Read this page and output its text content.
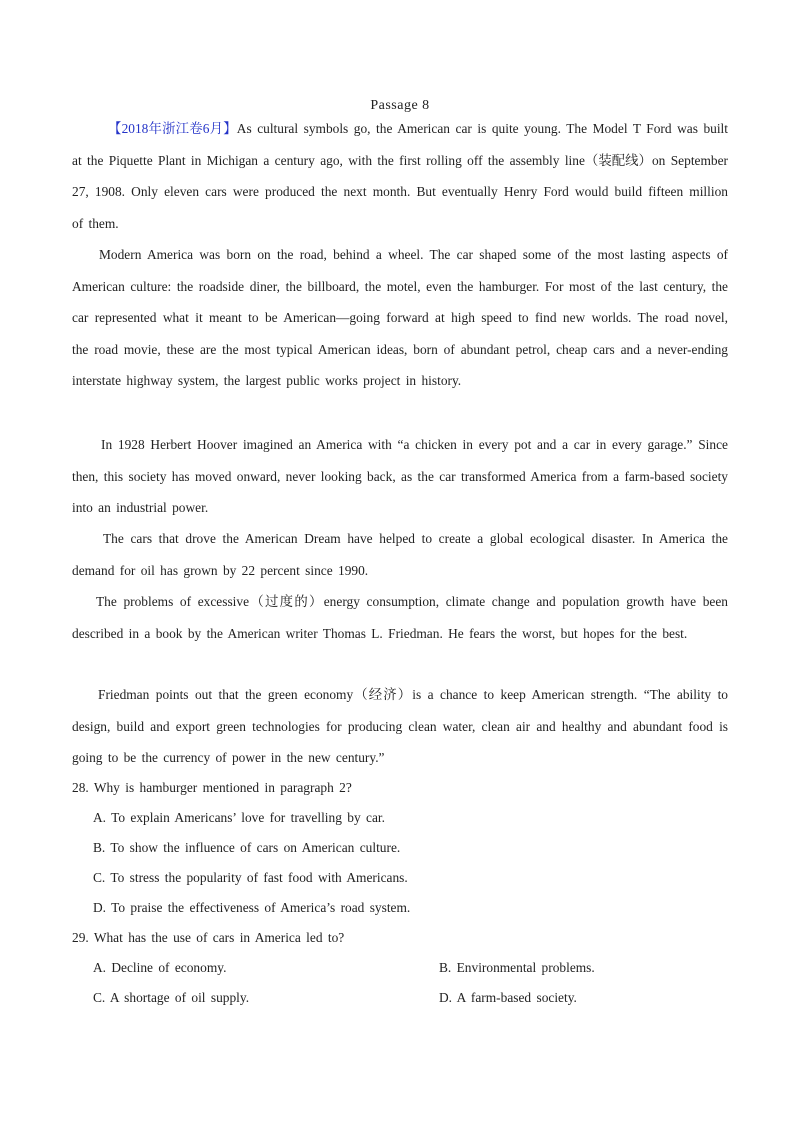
Passage 8
【2018年浙江卷6月】As cultural symbols go, the American car is quite young. The Model T Ford was built at the Piquette Plant in Michigan a century ago, with the first rolling off the assembly line（装配线）on September 27, 1908. Only eleven cars were produced the next month. But eventually Henry Ford would build fifteen million of them.
Modern America was born on the road, behind a wheel. The car shaped some of the most lasting aspects of American culture: the roadside diner, the billboard, the motel, even the hamburger. For most of the last century, the car represented what it meant to be American—going forward at high speed to find new worlds. The road novel, the road movie, these are the most typical American ideas, born of abundant petrol, cheap cars and a never-ending interstate highway system, the largest public works project in history.
In 1928 Herbert Hoover imagined an America with “a chicken in every pot and a car in every garage.” Since then, this society has moved onward, never looking back, as the car transformed America from a farm-based society into an industrial power.
The cars that drove the American Dream have helped to create a global ecological disaster. In America the demand for oil has grown by 22 percent since 1990.
The problems of excessive（过度的）energy consumption, climate change and population growth have been described in a book by the American writer Thomas L. Friedman. He fears the worst, but hopes for the best.
Friedman points out that the green economy（经济）is a chance to keep American strength. “The ability to design, build and export green technologies for producing clean water, clean air and healthy and abundant food is going to be the currency of power in the new century.”
28. Why is hamburger mentioned in paragraph 2?
A. To explain Americans’ love for travelling by car.
B. To show the influence of cars on American culture.
C. To stress the popularity of fast food with Americans.
D. To praise the effectiveness of America’s road system.
29. What has the use of cars in America led to?
A. Decline of economy.	B. Environmental problems.
C. A shortage of oil supply.	D. A farm-based society.
